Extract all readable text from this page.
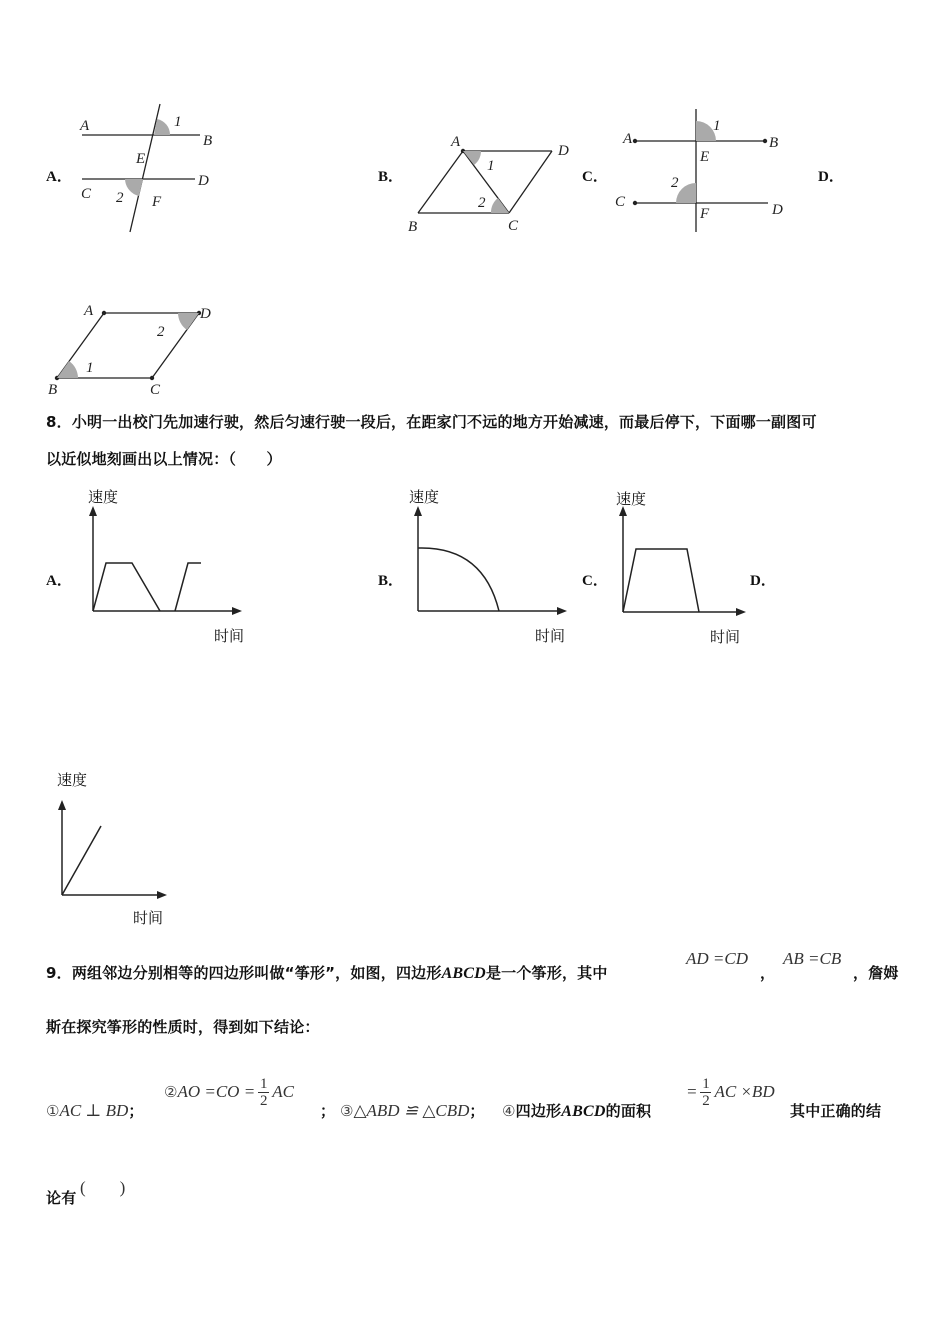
A．
A
B
C
D
E
F
1
2
B．
A
B	C
D
1
2
C．
A	B
C	D
E
F
1
2	D．
A
B	C
D
1
2
8．小明一出校门先加速行驶，然后匀速行驶一段后，在距家门不远的地方开始减速，而最后停下，下面哪一副图可
以近似地刻画出以上情况：（　　）
A．
速度
时间
B．
速度
时间
C．
速度
时间
D．
速度
时间
9．两组邻边分别相等的四边形叫做“筝形”，如图，四边形ABCD是一个筝形，其中
AD =CD
，
AB =CB
，詹姆
斯在探究筝形的性质时，得到如下结论：
①AC ⊥ BD；
②AO $=CO = \frac{1}{2}$ AC
； ③△ABD ≌ △CBD； ④四边形ABCD的面积
= $\frac{1}{2}$ AC ×BD
其中正确的结
论有
(　　)
